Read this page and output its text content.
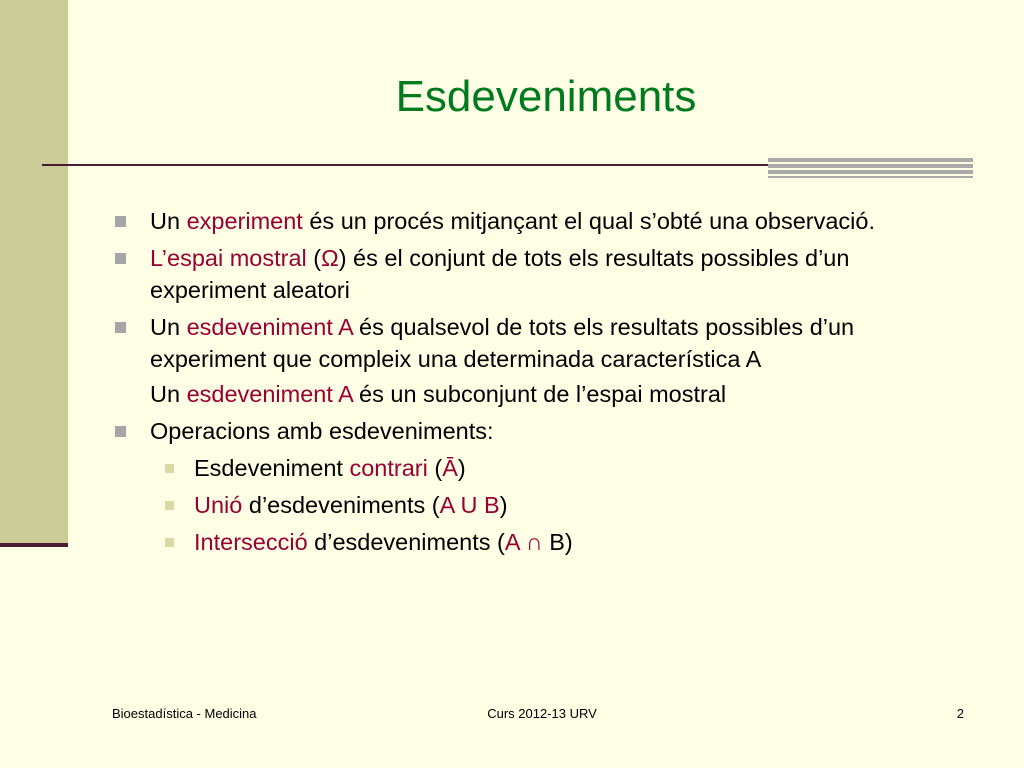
Esdeveniments
Un experiment és un procés mitjançant el qual s’obté una observació.
L’espai mostral (Ω) és el conjunt de tots els resultats possibles d’un experiment aleatori
Un esdeveniment A és qualsevol de tots els resultats possibles d’un experiment que compleix una determinada característica A
Un esdeveniment A és un subconjunt de l’espai mostral
Operacions amb esdeveniments:
Esdeveniment contrari (Ā)
Unió d’esdeveniments (A U B)
Intersecció d’esdeveniments (A ∩ B)
Bioestadística - Medicina	Curs 2012-13 URV	2
